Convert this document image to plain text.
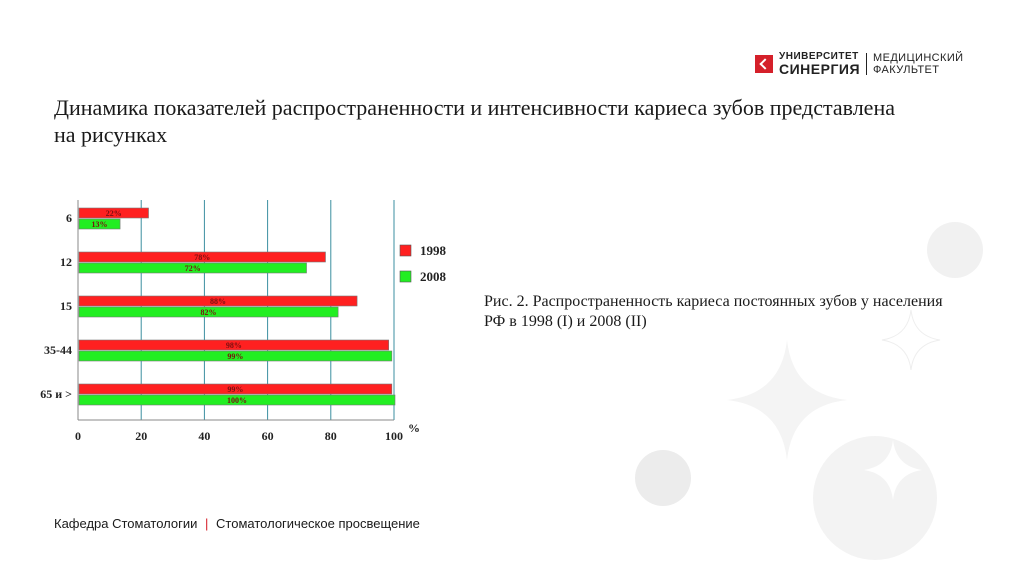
УНИВЕРСИТЕТ
СИНЕРГИЯ
МЕДИЦИНСКИЙ
ФАКУЛЬТЕТ
Динамика показателей распространенности и интенсивности кариеса зубов представлена на рисунках
0	20	40	60	80	100
%
6	22%
13%
12	78%
72%
15	88%
82%
35-44	98%
99%
65 и >	99%
100%
1998
2008
Рис. 2. Распространенность кариеса постоянных зубов у населения РФ в 1998 (I) и 2008 (II)
Кафедра Стоматологии | Стоматологическое просвещение
